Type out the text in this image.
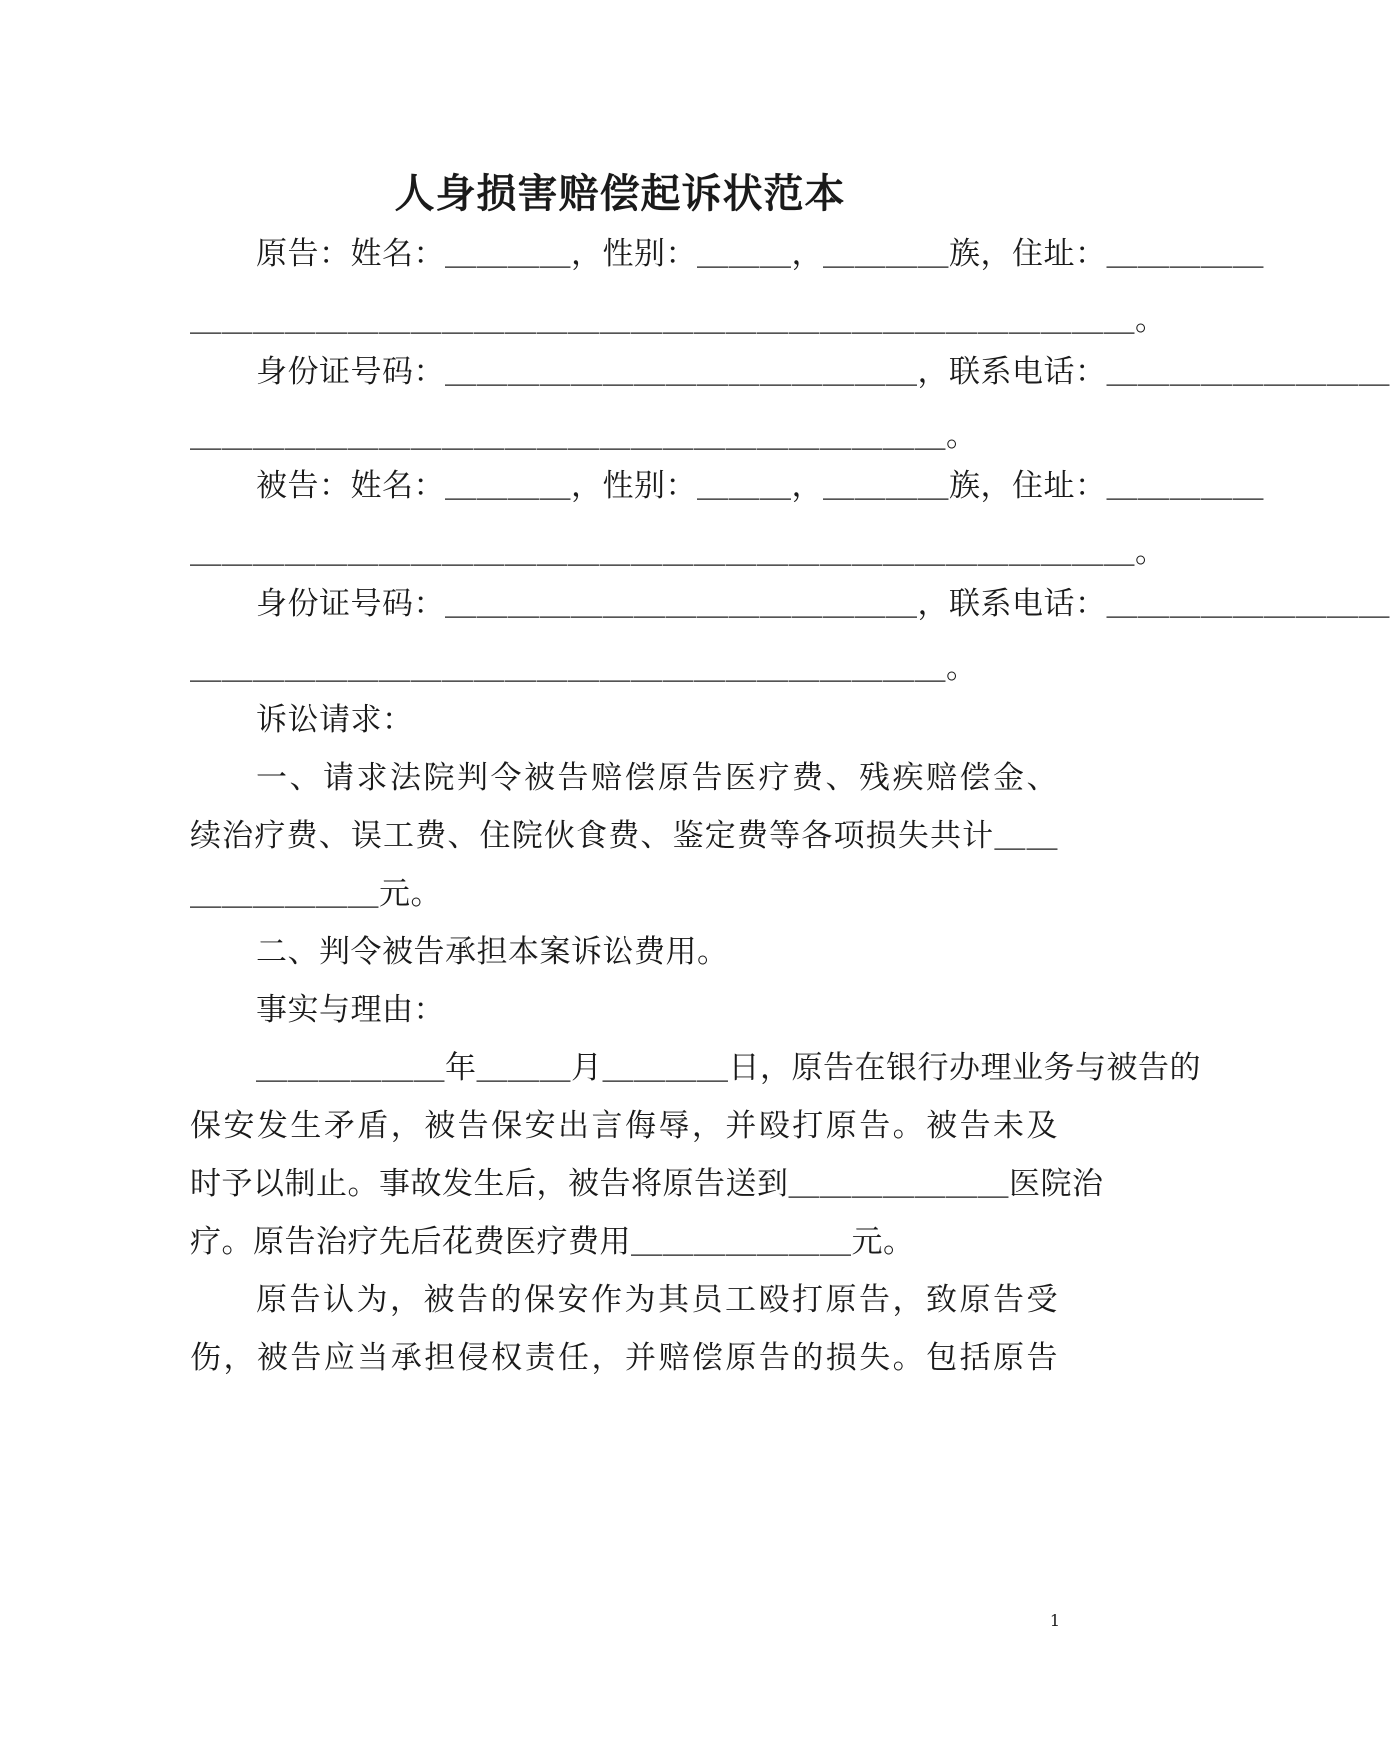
人身损害赔偿起诉状范本
原告：姓名：＿＿＿＿，性别：＿＿＿，＿＿＿＿族，住址：＿＿＿＿＿
＿＿＿＿＿＿＿＿＿＿＿＿＿＿＿＿＿＿＿＿＿＿＿＿＿＿＿＿＿＿。
身份证号码：＿＿＿＿＿＿＿＿＿＿＿＿＿＿＿，联系电话：＿＿＿＿＿＿＿＿＿
＿＿＿＿＿＿＿＿＿＿＿＿＿＿＿＿＿＿＿＿＿＿＿＿。
被告：姓名：＿＿＿＿，性别：＿＿＿，＿＿＿＿族，住址：＿＿＿＿＿
＿＿＿＿＿＿＿＿＿＿＿＿＿＿＿＿＿＿＿＿＿＿＿＿＿＿＿＿＿＿。
身份证号码：＿＿＿＿＿＿＿＿＿＿＿＿＿＿＿，联系电话：＿＿＿＿＿＿＿＿＿
＿＿＿＿＿＿＿＿＿＿＿＿＿＿＿＿＿＿＿＿＿＿＿＿。
诉讼请求：
一、请求法院判令被告赔偿原告医疗费、残疾赔偿金、
续治疗费、误工费、住院伙食费、鉴定费等各项损失共计＿＿
＿＿＿＿＿＿元。
二、判令被告承担本案诉讼费用。
事实与理由：
＿＿＿＿＿＿年＿＿＿月＿＿＿＿日，原告在银行办理业务与被告的
保安发生矛盾，被告保安出言侮辱，并殴打原告。被告未及
时予以制止。事故发生后，被告将原告送到＿＿＿＿＿＿＿医院治
疗。原告治疗先后花费医疗费用＿＿＿＿＿＿＿元。
原告认为，被告的保安作为其员工殴打原告，致原告受
伤，被告应当承担侵权责任，并赔偿原告的损失。包括原告
1
